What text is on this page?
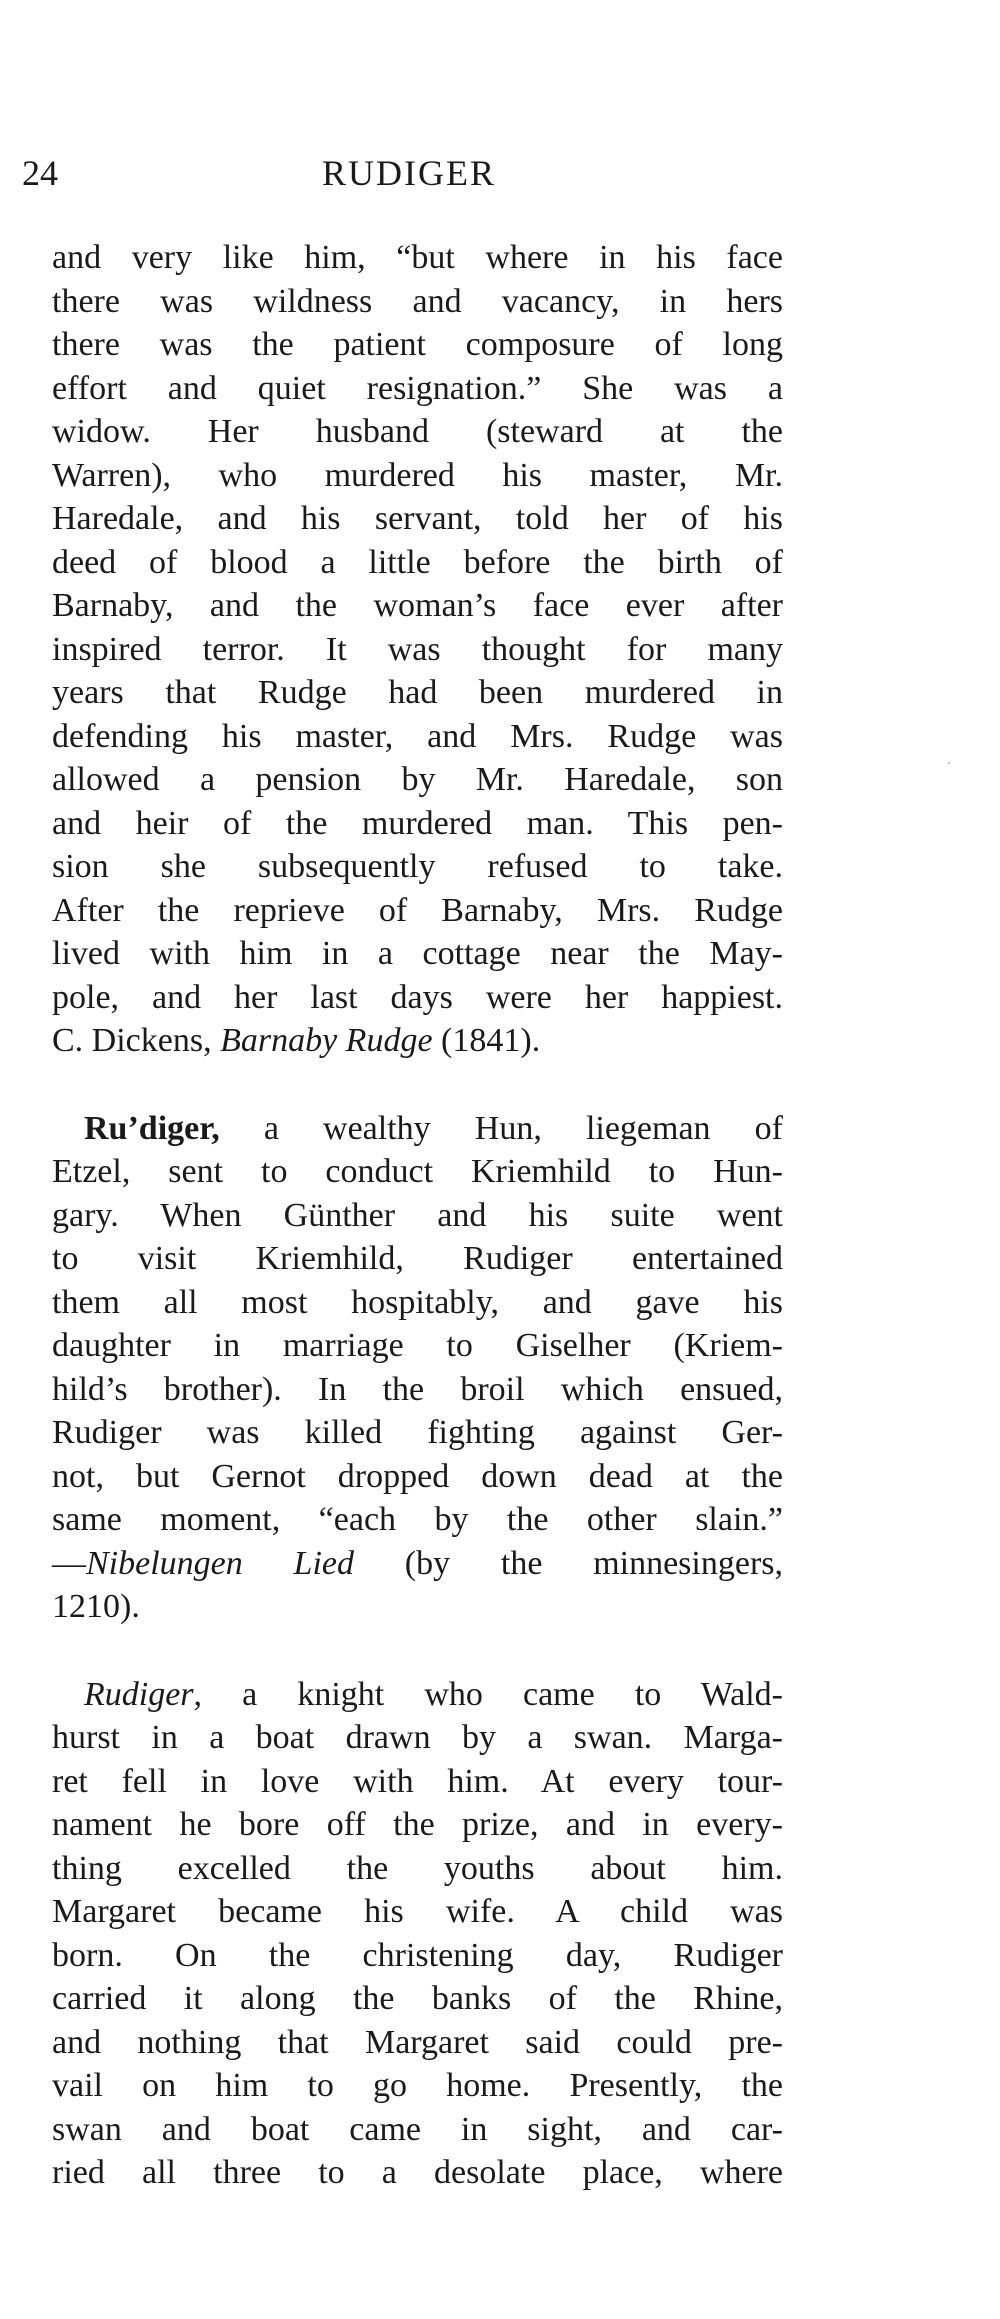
24	RUDIGER
and very like him, “but where in his face
there was wildness and vacancy, in hers
there was the patient composure of long
effort and quiet resignation.” She was a
widow. Her husband (steward at the
Warren), who murdered his master, Mr.
Haredale, and his servant, told her of his
deed of blood a little before the birth of
Barnaby, and the woman’s face ever after
inspired terror. It was thought for many
years that Rudge had been murdered in
defending his master, and Mrs. Rudge was
allowed a pension by Mr. Haredale, son
and heir of the murdered man. This pen-
sion she subsequently refused to take.
After the reprieve of Barnaby, Mrs. Rudge
lived with him in a cottage near the May-
pole, and her last days were her happiest.
C. Dickens, Barnaby Rudge (1841).
Ru’diger, a wealthy Hun, liegeman of
Etzel, sent to conduct Kriemhild to Hun-
gary. When Günther and his suite went
to visit Kriemhild, Rudiger entertained
them all most hospitably, and gave his
daughter in marriage to Giselher (Kriem-
hild’s brother). In the broil which ensued,
Rudiger was killed fighting against Ger-
not, but Gernot dropped down dead at the
same moment, “each by the other slain.”
—Nibelungen Lied (by the minnesingers,
1210).
Rudiger, a knight who came to Wald-
hurst in a boat drawn by a swan. Marga-
ret fell in love with him. At every tour-
nament he bore off the prize, and in every-
thing excelled the youths about him.
Margaret became his wife. A child was
born. On the christening day, Rudiger
carried it along the banks of the Rhine,
and nothing that Margaret said could pre-
vail on him to go home. Presently, the
swan and boat came in sight, and car-
ried all three to a desolate place, where
